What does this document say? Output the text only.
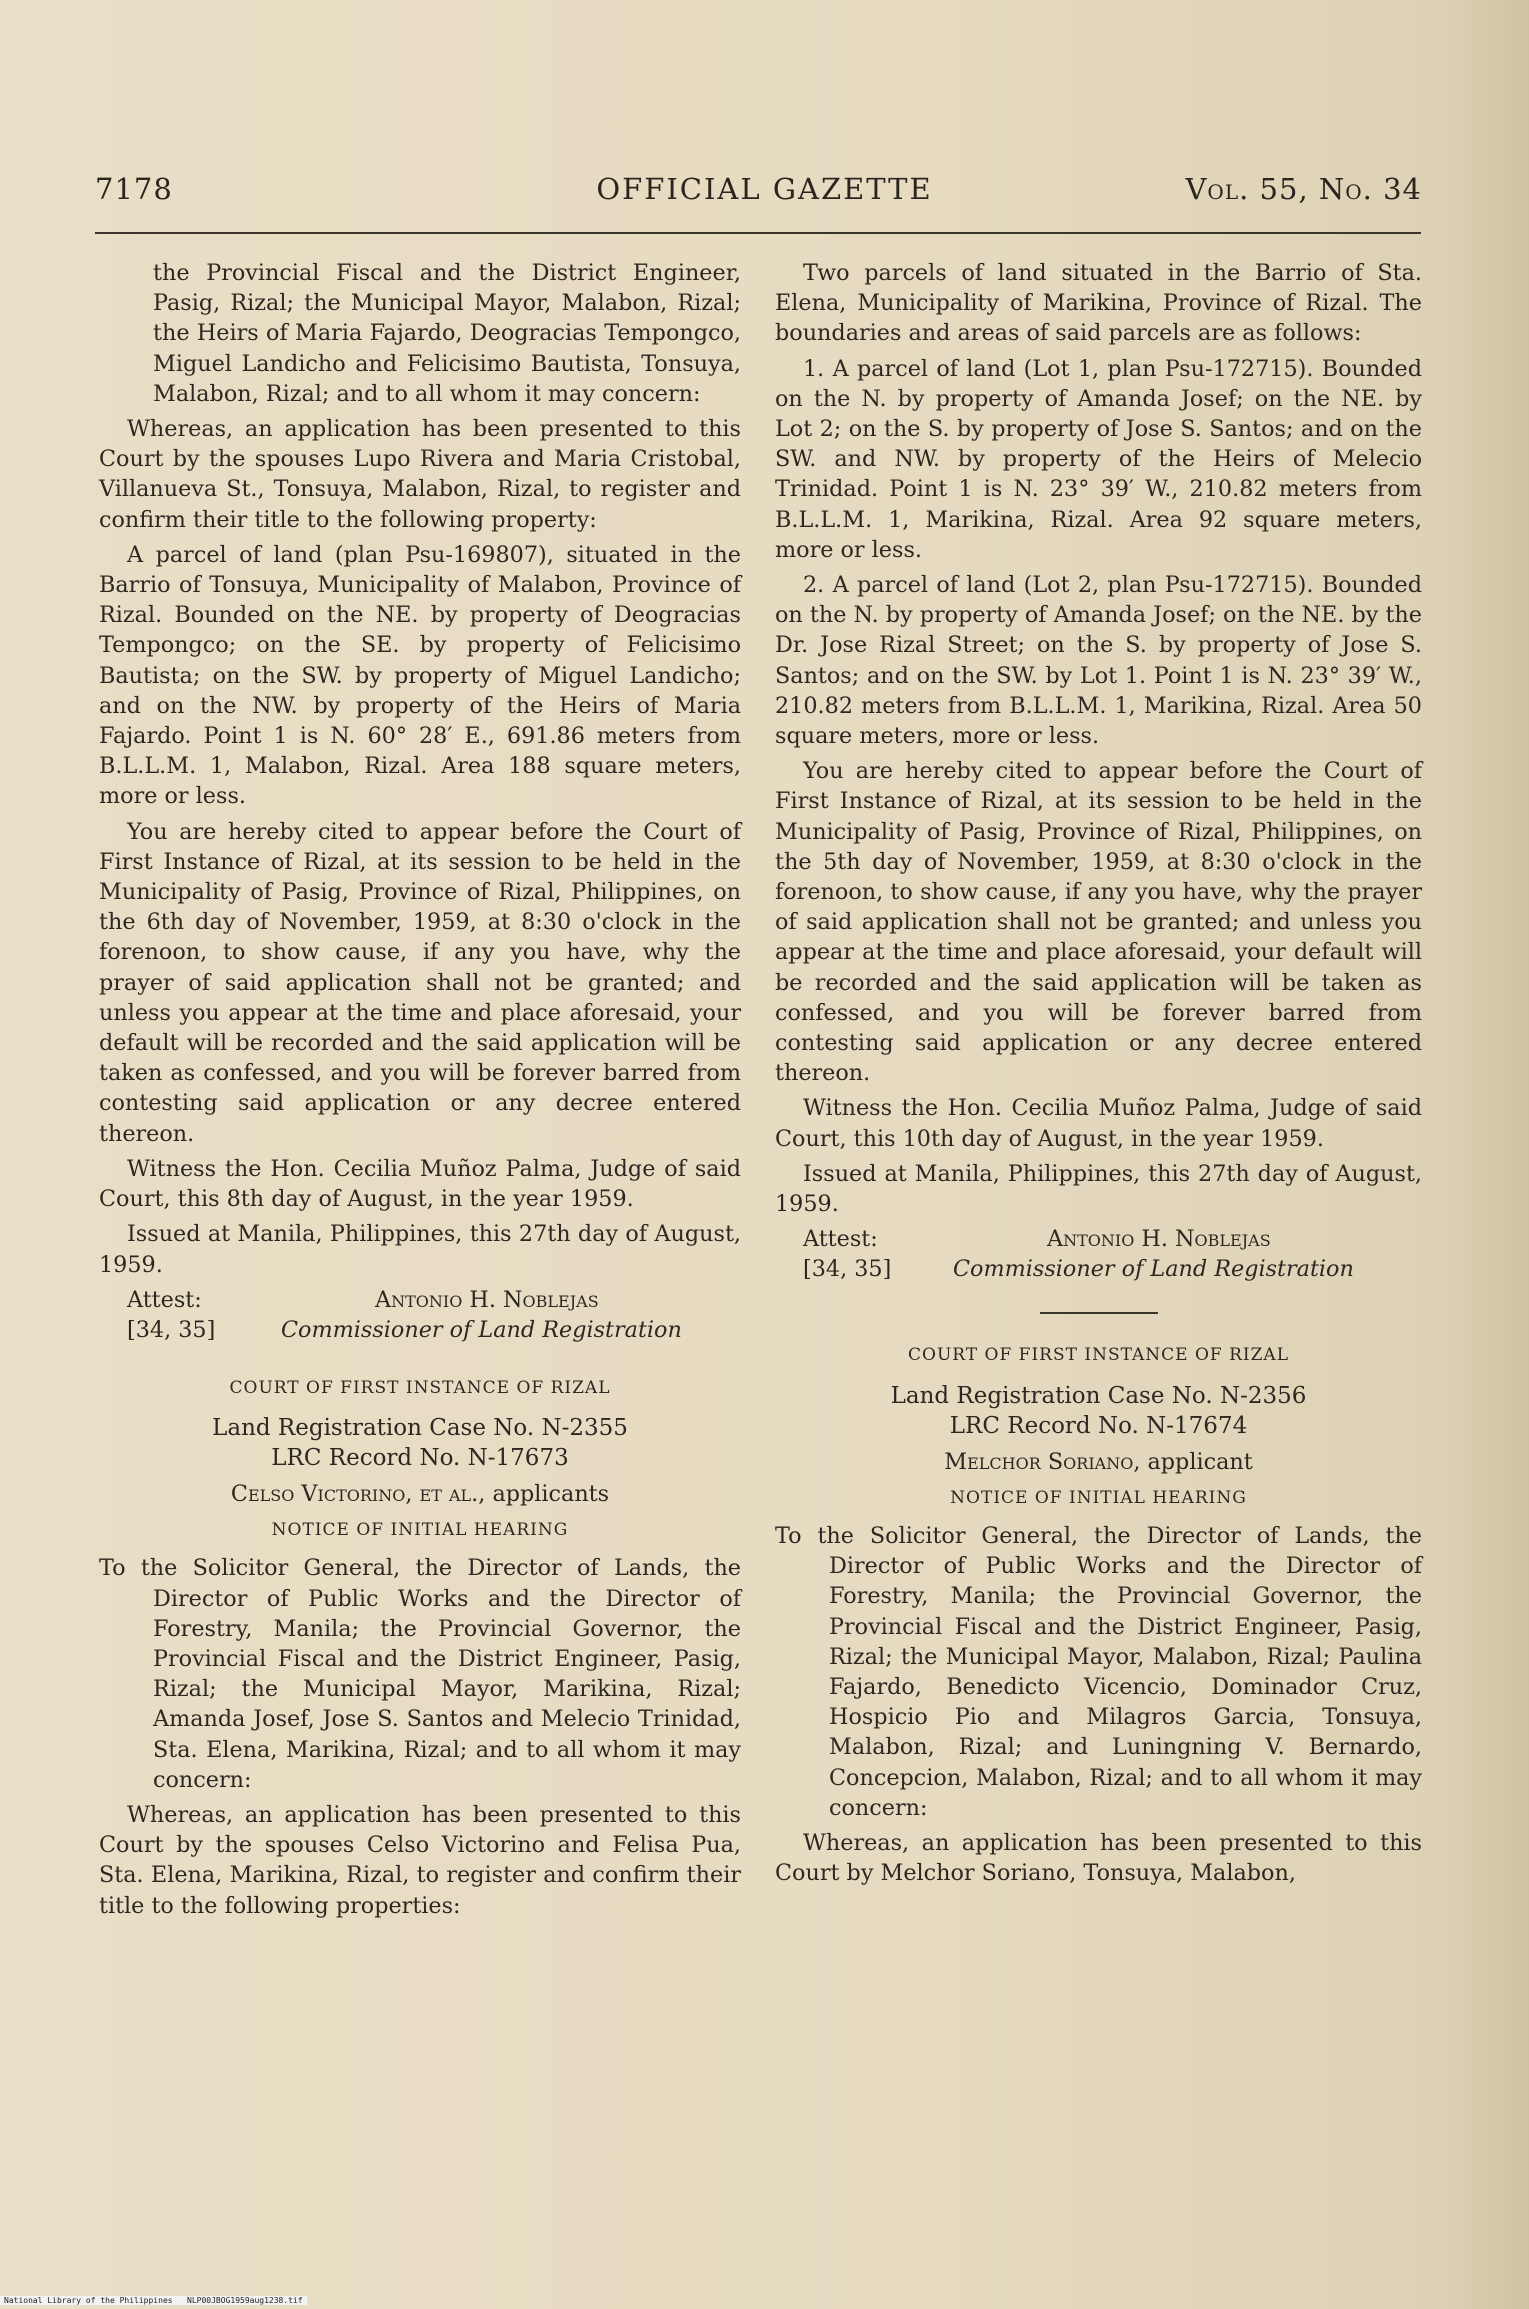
7178	OFFICIAL GAZETTE	Vol. 55, No. 34
the Provincial Fiscal and the District Engineer, Pasig, Rizal; the Municipal Mayor, Malabon, Rizal; the Heirs of Maria Fajardo, Deogracias Tempongco, Miguel Landicho and Felicisimo Bautista, Tonsuya, Malabon, Rizal; and to all whom it may concern:

Whereas, an application has been presented to this Court by the spouses Lupo Rivera and Maria Cristobal, Villanueva St., Tonsuya, Malabon, Rizal, to register and confirm their title to the following property:

A parcel of land (plan Psu-169807), situated in the Barrio of Tonsuya, Municipality of Malabon, Province of Rizal. Bounded on the NE. by property of Deogracias Tempongco; on the SE. by property of Felicisimo Bautista; on the SW. by property of Miguel Landicho; and on the NW. by property of the Heirs of Maria Fajardo. Point 1 is N. 60° 28′ E., 691.86 meters from B.L.L.M. 1, Malabon, Rizal. Area 188 square meters, more or less.

You are hereby cited to appear before the Court of First Instance of Rizal, at its session to be held in the Municipality of Pasig, Province of Rizal, Philippines, on the 6th day of November, 1959, at 8:30 o'clock in the forenoon, to show cause, if any you have, why the prayer of said application shall not be granted; and unless you appear at the time and place aforesaid, your default will be recorded and the said application will be taken as confessed, and you will be forever barred from contesting said application or any decree entered thereon.

Witness the Hon. Cecilia Muñoz Palma, Judge of said Court, this 8th day of August, in the year 1959.

Issued at Manila, Philippines, this 27th day of August, 1959.

Attest:
[34, 35]
Antonio H. Noblejas
Commissioner of Land Registration
COURT OF FIRST INSTANCE OF RIZAL
Land Registration Case No. N-2355
LRC Record No. N-17673
Celso Victorino, et al., applicants
NOTICE OF INITIAL HEARING
To the Solicitor General, the Director of Lands, the Director of Public Works and the Director of Forestry, Manila; the Provincial Governor, the Provincial Fiscal and the District Engineer, Pasig, Rizal; the Municipal Mayor, Marikina, Rizal; Amanda Josef, Jose S. Santos and Melecio Trinidad, Sta. Elena, Marikina, Rizal; and to all whom it may concern:

Whereas, an application has been presented to this Court by the spouses Celso Victorino and Felisa Pua, Sta. Elena, Marikina, Rizal, to register and confirm their title to the following properties:

Two parcels of land situated in the Barrio of Sta. Elena, Municipality of Marikina, Province of Rizal. The boundaries and areas of said parcels are as follows:

1. A parcel of land (Lot 1, plan Psu-172715). Bounded on the N. by property of Amanda Josef; on the NE. by Lot 2; on the S. by property of Jose S. Santos; and on the SW. and NW. by property of the Heirs of Melecio Trinidad. Point 1 is N. 23° 39′ W., 210.82 meters from B.L.L.M. 1, Marikina, Rizal. Area 92 square meters, more or less.

2. A parcel of land (Lot 2, plan Psu-172715). Bounded on the N. by property of Amanda Josef; on the NE. by the Dr. Jose Rizal Street; on the S. by property of Jose S. Santos; and on the SW. by Lot 1. Point 1 is N. 23° 39′ W., 210.82 meters from B.L.L.M. 1, Marikina, Rizal. Area 50 square meters, more or less.

You are hereby cited to appear before the Court of First Instance of Rizal, at its session to be held in the Municipality of Pasig, Province of Rizal, Philippines, on the 5th day of November, 1959, at 8:30 o'clock in the forenoon, to show cause, if any you have, why the prayer of said application shall not be granted; and unless you appear at the time and place aforesaid, your default will be recorded and the said application will be taken as confessed, and you will be forever barred from contesting said application or any decree entered thereon.

Witness the Hon. Cecilia Muñoz Palma, Judge of said Court, this 10th day of August, in the year 1959.

Issued at Manila, Philippines, this 27th day of August, 1959.

Attest:
[34, 35]
Antonio H. Noblejas
Commissioner of Land Registration
COURT OF FIRST INSTANCE OF RIZAL
Land Registration Case No. N-2356
LRC Record No. N-17674
Melchor Soriano, applicant
NOTICE OF INITIAL HEARING
To the Solicitor General, the Director of Lands, the Director of Public Works and the Director of Forestry, Manila; the Provincial Governor, the Provincial Fiscal and the District Engineer, Pasig, Rizal; the Municipal Mayor, Malabon, Rizal; Paulina Fajardo, Benedicto Vicencio, Dominador Cruz, Hospicio Pio and Milagros Garcia, Tonsuya, Malabon, Rizal; and Luningning V. Bernardo, Concepcion, Malabon, Rizal; and to all whom it may concern:

Whereas, an application has been presented to this Court by Melchor Soriano, Tonsuya, Malabon,

National Library of the Philippines NLP00JBOG1959aug1238.tif
